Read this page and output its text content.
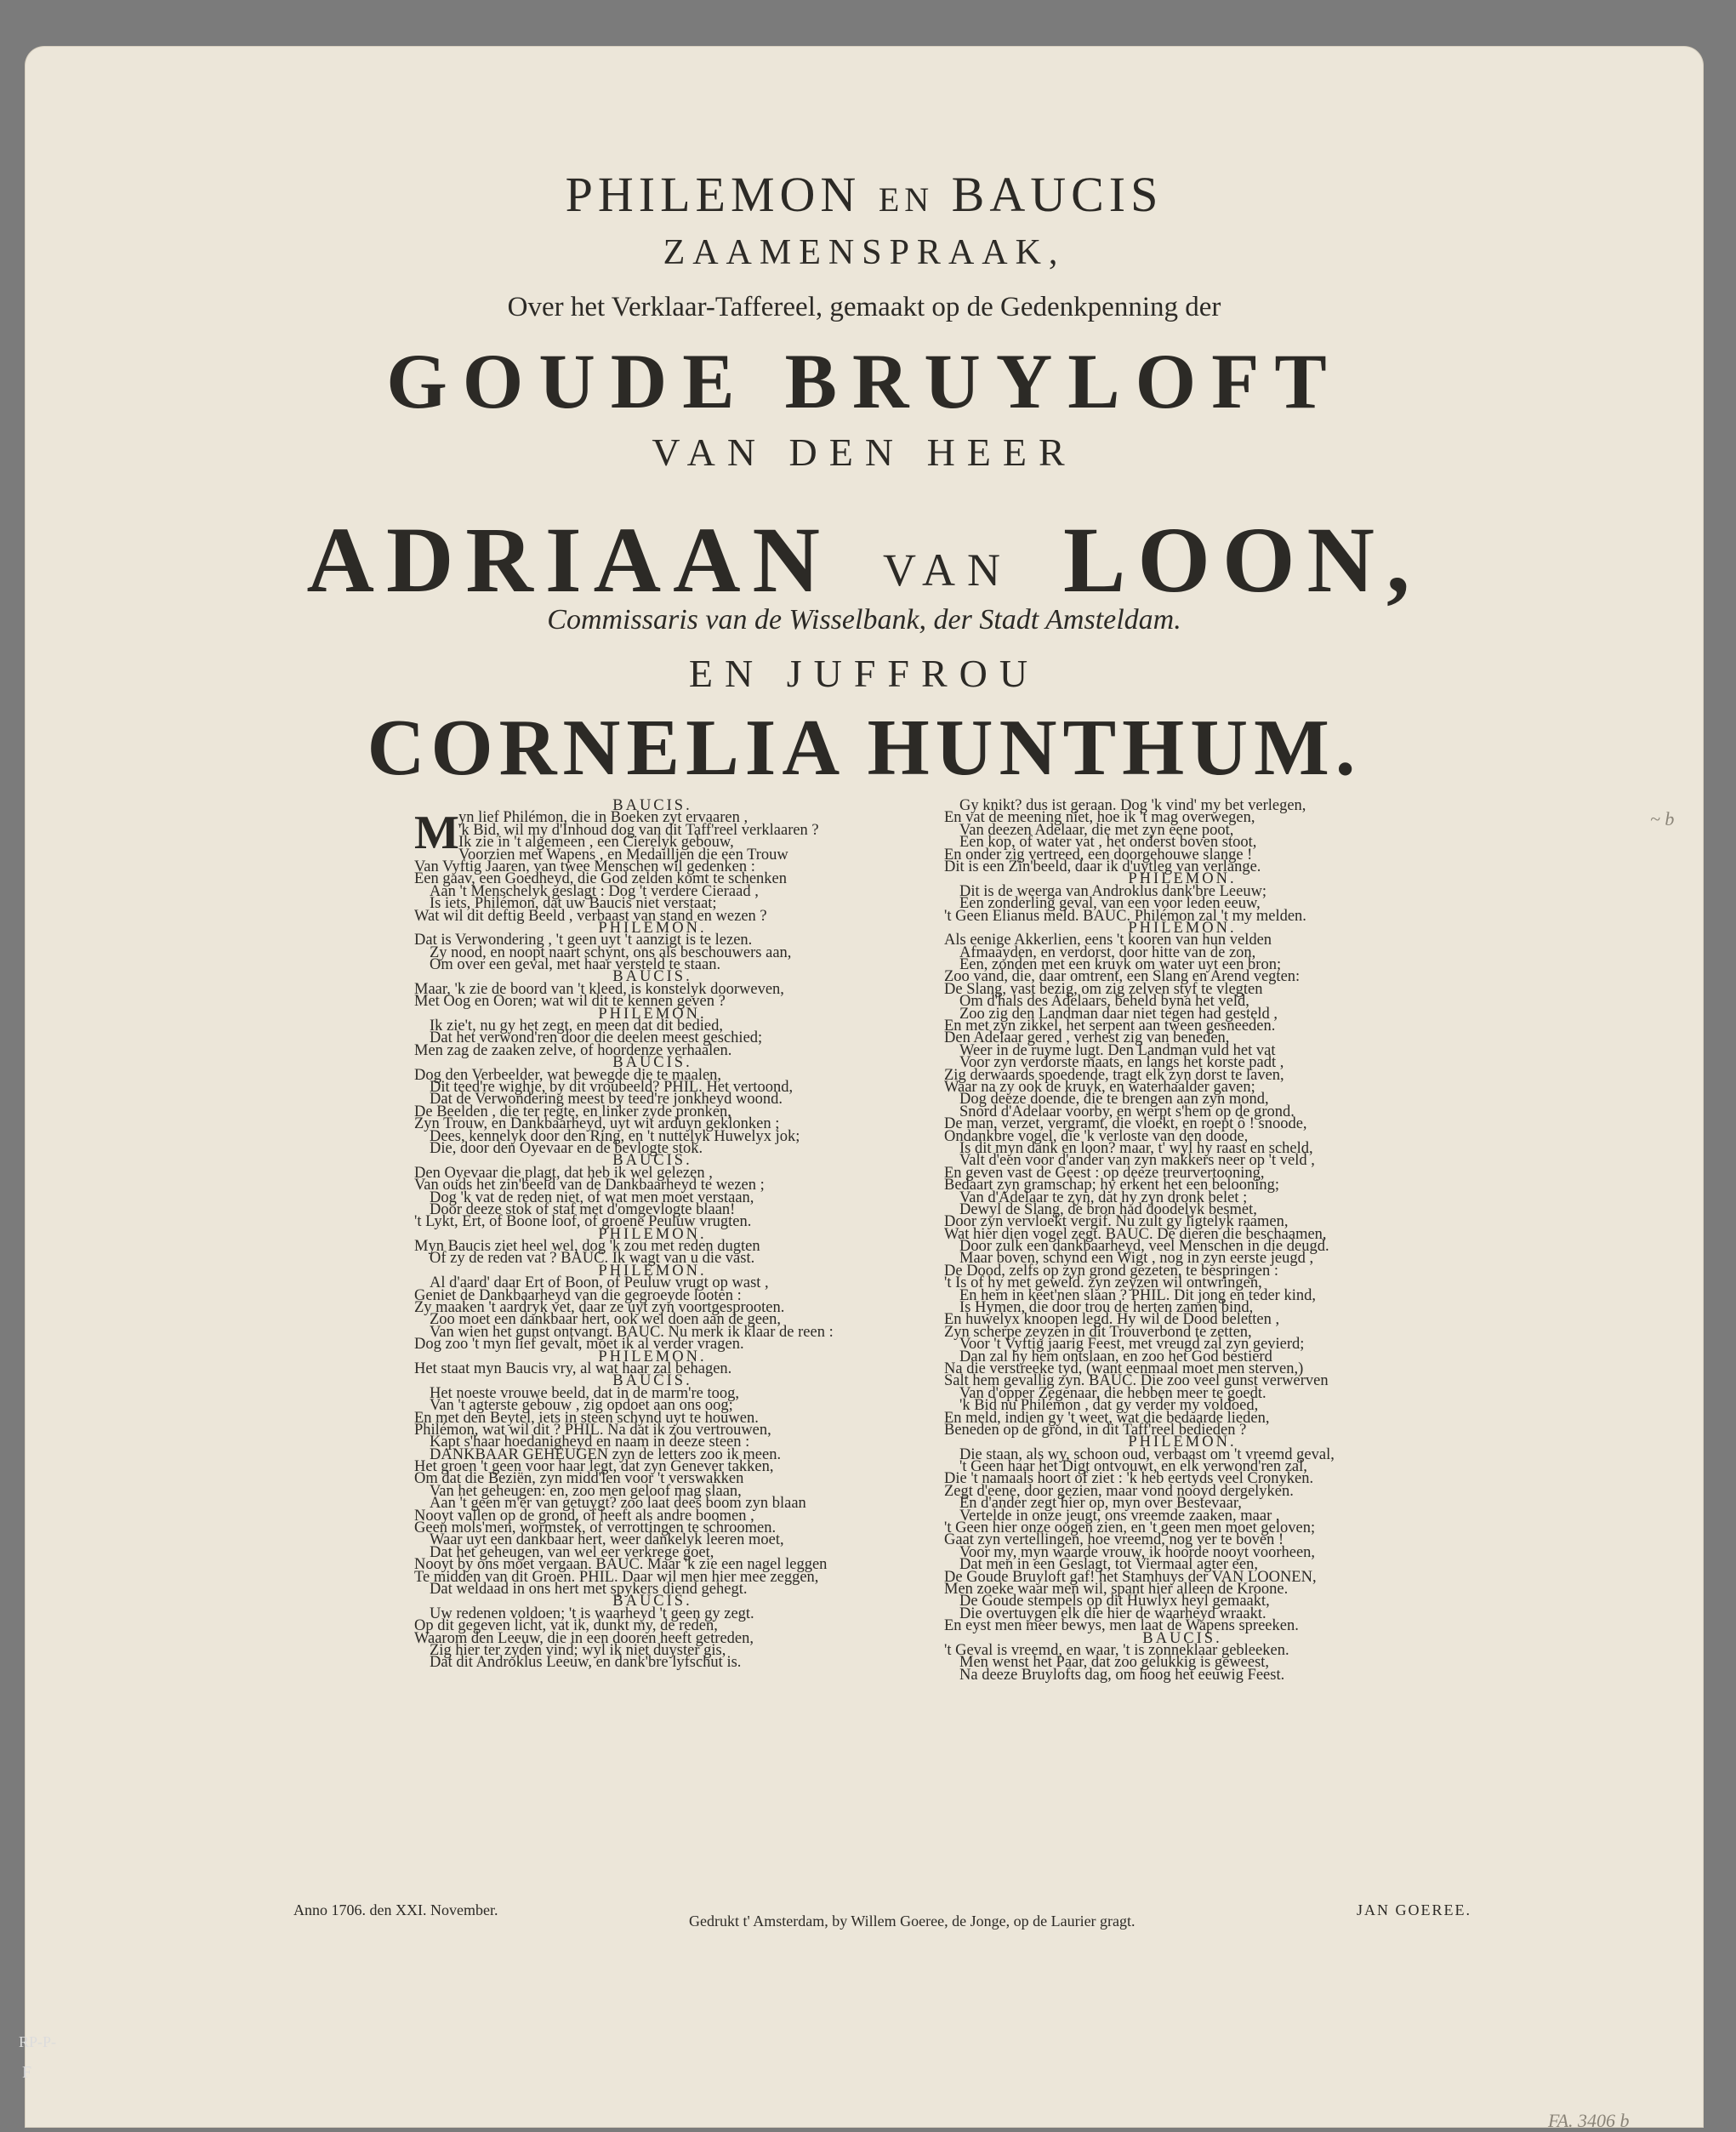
PHILEMON EN BAUCIS
ZAAMENSPRAAK,
Over het Verklaar-Taffereel, gemaakt op de Gedenkpenning der
GOUDE BRUYLOFT
VAN DEN HEER
ADRIAAN VAN LOON,
Commissaris van de Wisselbank, der Stadt Amsteldam.
EN JUFFROU
CORNELIA HUNTHUM.
BAUCIS.
yn lief Philémon, die in Boeken zyt ervaaren ,
M 'k Bid, wil my d'Inhoud dog van dit Taff'reel verklaaren ?
Ik zie in 't algemeen , een Cierelyk gebouw,
Voorzien met Wapens , en Medailljen die een Trouw
Van Vyftig Jaaren, van twee Menschen wil gedenken :
Een gaav, een Goedheyd, die God zelden komt te schenken
Aan 't Menschelyk geslagt : Dog 't verdere Cieraad ,
Is iets, Philémon, dat uw Baucis niet verstaat;
Wat wil dit deftig Beeld , verbaast van stand en wezen ?
PHILEMON.
Dat is Verwondering , 't geen uyt 't aanzigt is te lezen.
Zy nood, en noopt naart schynt, ons als beschouwers aan,
Om over een geval, met haar versteld te staan.
BAUCIS.
Maar, 'k zie de boord van 't kleed, is konstelyk doorweven,
Met Oog en Ooren; wat wil dit te kennen geven ?
PHILEMON.
Ik zie't, nu gy het zegt, en meen dat dit bedied,
Dat het verwond'ren door die deelen meest geschied;
Men zag de zaaken zelve, of hoordenze verhaalen.
BAUCIS.
Dog den Verbeelder, wat bewegde die te maalen,
Dit teed're wighje, by dit vroubeeld? PHIL. Het vertoond,
Dat de Verwondering meest by teed're jonkheyd woond.
De Beelden , die ter regte, en linker zyde pronken,
Zyn Trouw, en Dankbaarheyd, uyt wit arduyn geklonken ;
Dees, kennelyk door den Ring, en 't nuttelyk Huwelyx jok;
Die, door den Oyevaar en de bevlogte stok.
BAUCIS.
Den Oyevaar die plagt, dat heb ik wel gelezen ,
Van ouds het zin'beeld van de Dankbaarheyd te wezen ;
Dog 'k vat de reden niet, of wat men moet verstaan,
Door deeze stok of staf met d'omgevlogte blaan!
't Lykt, Ert, of Boone loof, of groene Peuluw vrugten.
PHILEMON.
Myn Baucis ziet heel wel, dog 'k zou met reden dugten
Of zy de reden vat ? BAUC. Ik wagt van u die vast.
PHILEMON.
Al d'aard' daar Ert of Boon, of Peuluw vrugt op wast ,
Geniet de Dankbaarheyd van die gegroeyde looten :
Zy maaken 't aardryk vet, daar ze uyt zyn voortgesprooten.
Zoo moet een dankbaar hert, ook wel doen aan de geen,
Van wien het gunst ontvangt. BAUC. Nu merk ik klaar de reen :
Dog zoo 't myn lief gevalt, moet ik al verder vragen.
PHILEMON.
Het staat myn Baucis vry, al wat haar zal behagen.
BAUCIS.
Het noeste vrouwe beeld, dat in de marm're toog,
Van 't agterste gebouw , zig opdoet aan ons oog;
En met den Beytel, iets in steen schynd uyt te houwen.
Philémon, wat wil dit ? PHIL. Na dat ik zou vertrouwen,
Kapt s'haar hoedanigheyd en naam in deeze steen :
DANKBAAR GEHEUGEN zyn de letters zoo ik meen.
Het groen 't geen voor haar legt, dat zyn Genever takken,
Om dat die Beziën, zyn midd'len voor 't verswakken
Van het geheugen: en, zoo men geloof mag slaan,
Aan 't geen m'er van getuygt? zoo laat dees boom zyn blaan
Nooyt vallen op de grond, of heeft als andre boomen ,
Geen mols'men, wormstek, of verrottingen te schroomen.
Waar uyt een dankbaar hert, weer dankelyk leeren moet,
Dat het geheugen, van wel eer verkrege goet,
Nooyt by ons moet vergaan. BAUC. Maar 'k zie een nagel leggen
Te midden van dit Groen. PHIL. Daar wil men hier mee zeggen,
Dat weldaad in ons hert met spykers diend gehegt.
BAUCIS.
Uw redenen voldoen; 't is waarheyd 't geen gy zegt.
Op dit gegeven licht, vat ik, dunkt my, de reden,
Waarom den Leeuw, die in een dooren heeft getreden,
Zig hier ter zyden vind; wyl ik niet duyster gis,
Dat dit Androklus Leeuw, en dank'bre lyfschut is.
Gy knikt? dus ist geraan. Dog 'k vind' my bet verlegen,
En vat de meening niet, hoe ik 't mag overwegen,
Van deezen Adelaar, die met zyn eene poot,
Een kop, of water vat , het onderst boven stoot,
En onder zig vertreed, een doorgehouwe slange !
Dit is een Zin'beeld, daar ik d'uytleg van verlange.
PHILEMON.
Dit is de weerga van Androklus dank'bre Leeuw;
Een zonderling geval, van een voor leden eeuw,
't Geen Elianus meld. BAUC. Philémon zal 't my melden.
PHILEMON.
Als eenige Akkerlien, eens 't kooren van hun velden
Afmaayden, en verdorst, door hitte van de zon,
Een, zonden met een kruyk om water uyt een bron;
Zoo vand, die, daar omtrent, een Slang en Arend vegten:
De Slang, vast bezig, om zig zelven styf te vlegten
Om d'hals des Adelaars, beheld byna het veld,
Zoo zig den Landman daar niet tegen had gesteld ,
En met zyn zikkel, het serpent aan tween gesneeden.
Den Adelaar gered , verhest zig van beneden,
Weer in de ruyme lugt. Den Landman vuld het vat
Voor zyn verdorste maats, en langs het korste padt ,
Zig derwaards spoedende, tragt elk zyn dorst te laven,
Waar na zy ook de kruyk, en waterhaalder gaven;
Dog deeze doende, die te brengen aan zyn mond,
Snord d'Adelaar voorby, en werpt s'hem op de grond.
De man, verzet, vergramt, die vloekt, en roept ô ! snoode,
Ondankbre vogel, die 'k verloste van den doode,
Is dit myn dank en loon? maar, t' wyl hy raast en scheld,
Valt d'een voor d'ander van zyn makkers neer op 't veld ,
En geven vast de Geest : op deeze treurvertooning,
Bedaart zyn gramschap; hy erkent het een belooning;
Van d'Adelaar te zyn, dat hy zyn dronk belet ;
Dewyl de Slang, de bron had doodelyk besmet,
Door zyn vervloekt vergif. Nu zult gy ligtelyk raamen,
Wat hier dien vogel zegt. BAUC. De dieren die beschaamen,
Door zulk een dankbaarheyd, veel Menschen in die deugd.
Maar boven, schynd een Wigt , nog in zyn eerste jeugd ,
De Dood, zelfs op zyn grond gezeten, te bespringen :
't Is of hy met geweld. zyn zeyzen wil ontwringen,
En hem in keet'nen slaan ? PHIL. Dit jong en teder kind,
Is Hymen, die door trou de herten zamen bind,
En huwelyx knoopen legd. Hy wil de Dood beletten ,
Zyn scherpe zeyzen in dit Trouverbond te zetten,
Voor 't Vyftig jaarig Feest, met vreugd zal zyn gevierd;
Dan zal hy hem ontslaan, en zoo het God bestierd
Na die verstreeke tyd, (want eenmaal moet men sterven,)
Salt hem gevallig zyn. BAUC. Die zoo veel gunst verwerven
Van d'opper Zegenaar, die hebben meer te goedt.
'k Bid nu Philémon , dat gy verder my voldoed,
En meld, indien gy 't weet, wat die bedaarde lieden,
Beneden op de grond, in dit Taff'reel bedieden ?
PHILEMON.
Die staan, als wy, schoon oud, verbaast om 't vreemd geval,
't Geen haar het Digt ontvouwt, en elk verwond'ren zal,
Die 't namaals hoort of ziet : 'k heb eertyds veel Cronyken.
Zegt d'eene, door gezien, maar vond nooyd dergelyken.
En d'ander zegt hier op, myn over Bestevaar,
Vertelde in onze jeugt, ons vreemde zaaken, maar ,
't Geen hier onze oogen zien, en 't geen men moet geloven;
Gaat zyn vertellingen, hoe vreemd, nog ver te boven !
Voor my, myn waarde vrouw, ik hoorde nooyt voorheen,
Dat men in een Geslagt, tot Viermaal agter een,
De Goude Bruyloft gaf! het Stamhuys der VAN LOONEN,
Men zoeke waar men wil, spant hier alleen de Kroone.
De Goude stempels op dit Huwlyx heyl gemaakt,
Die overtuygen elk die hier de waarheyd wraakt.
En eyst men meer bewys, men laat de Wapens spreeken.
BAUCIS.
't Geval is vreemd, en waar, 't is zonneklaar gebleeken.
Men wenst het Paar, dat zoo gelukkig is geweest,
Na deeze Bruylofts dag, om hoog het eeuwig Feest.
Anno 1706. den XXI. November.
Gedrukt t' Amsterdam, by Willem Goeree, de Jonge, op de Laurier gragt.
JAN GOEREE.
~ b
FA. 3406 b
RP-P-
F
